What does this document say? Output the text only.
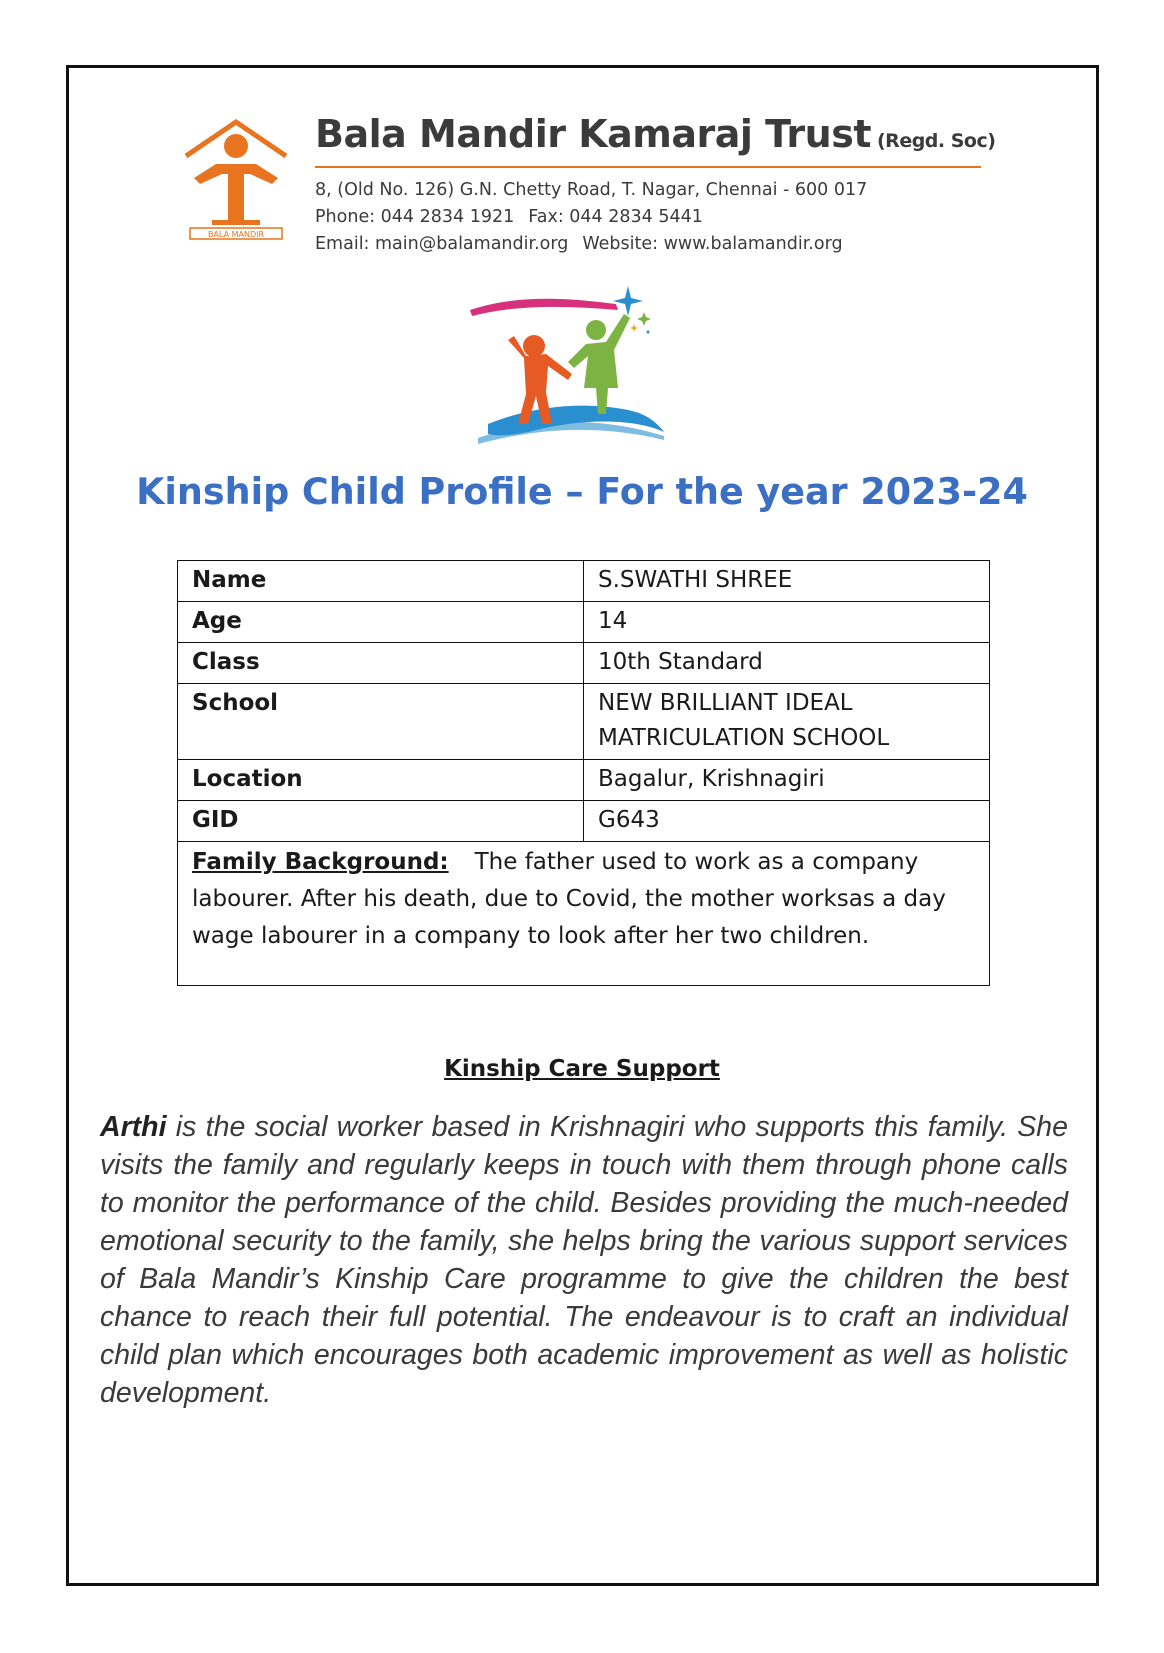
BALA MANDIR
Bala Mandir Kamaraj Trust (Regd. Soc)
8, (Old No. 126) G.N. Chetty Road, T. Nagar, Chennai - 600 017
Phone: 044 2834 1921 Fax: 044 2834 5441
Email: main@balamandir.org Website: www.balamandir.org
Kinship Child Profile – For the year 2023-24
Name	S.SWATHI SHREE
Age	14
Class	10th Standard
School	NEW BRILLIANT IDEAL MATRICULATION SCHOOL
Location	Bagalur, Krishnagiri
GID	G643
Family Background: The father used to work as a company labourer. After his death, due to Covid, the mother worksas a day wage labourer in a company to look after her two children.	
Kinship Care Support
Arthi is the social worker based in Krishnagiri who supports this family. She visits the family and regularly keeps in touch with them through phone calls to monitor the performance of the child. Besides providing the much-needed emotional security to the family, she helps bring the various support services of Bala Mandir’s Kinship Care programme to give the children the best chance to reach their full potential. The endeavour is to craft an individual child plan which encourages both academic improvement as well as holistic development.
